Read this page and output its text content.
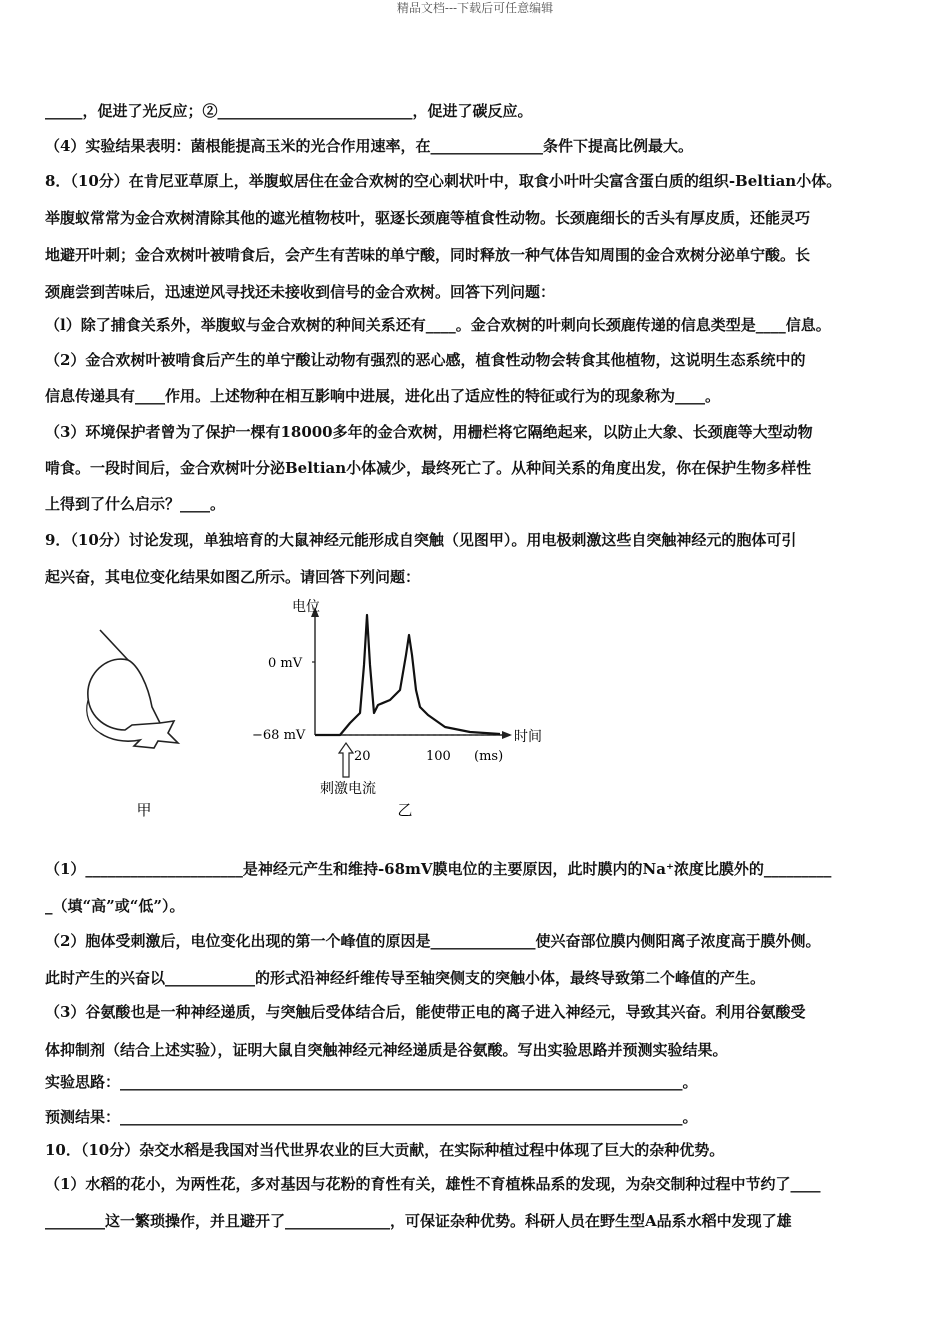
精品文档---下载后可任意编辑
_____，促进了光反应；②__________________________，促进了碳反应。
（4）实验结果表明：菌根能提高玉米的光合作用速率，在_______________条件下提高比例最大。
8．（10分）在肯尼亚草原上，举腹蚁居住在金合欢树的空心刺状叶中，取食小叶叶尖富含蛋白质的组织-Beltian小体。
举腹蚁常常为金合欢树清除其他的遮光植物枝叶，驱逐长颈鹿等植食性动物。长颈鹿细长的舌头有厚皮质，还能灵巧
地避开叶刺；金合欢树叶被啃食后，会产生有苦味的单宁酸，同时释放一种气体告知周围的金合欢树分泌单宁酸。长
颈鹿尝到苦味后，迅速逆风寻找还未接收到信号的金合欢树。回答下列问题：
（l）除了捕食关系外，举腹蚁与金合欢树的种间关系还有____。金合欢树的叶刺向长颈鹿传递的信息类型是____信息。
（2）金合欢树叶被啃食后产生的单宁酸让动物有强烈的恶心感，植食性动物会转食其他植物，这说明生态系统中的
信息传递具有____作用。上述物种在相互影响中进展，进化出了适应性的特征或行为的现象称为____。
（3）环境保护者曾为了保护一棵有18000多年的金合欢树，用栅栏将它隔绝起来，以防止大象、长颈鹿等大型动物
啃食。一段时间后，金合欢树叶分泌Beltian小体减少，最终死亡了。从种间关系的角度出发，你在保护生物多样性
上得到了什么启示？____。
9．（10分）讨论发现，单独培育的大鼠神经元能形成自突触（见图甲）。用电极刺激这些自突触神经元的胞体可引
起兴奋，其电位变化结果如图乙所示。请回答下列问题：
甲
电位
时间
0 mV
−68 mV
20	100 (ms)
刺激电流
乙
（1）_____________________是神经元产生和维持-68mV膜电位的主要原因，此时膜内的Na⁺浓度比膜外的_________
_（填“高”或“低”）。
（2）胞体受刺激后，电位变化出现的第一个峰值的原因是______________使兴奋部位膜内侧阳离子浓度高于膜外侧。
此时产生的兴奋以____________的形式沿神经纤维传导至轴突侧支的突触小体，最终导致第二个峰值的产生。
（3）谷氨酸也是一种神经递质，与突触后受体结合后，能使带正电的离子进入神经元，导致其兴奋。利用谷氨酸受
体抑制剂（结合上述实验），证明大鼠自突触神经元神经递质是谷氨酸。写出实验思路并预测实验结果。
实验思路：___________________________________________________________________________。
预测结果：___________________________________________________________________________。
10．（10分）杂交水稻是我国对当代世界农业的巨大贡献，在实际种植过程中体现了巨大的杂种优势。
（1）水稻的花小，为两性花，多对基因与花粉的育性有关，雄性不育植株品系的发现，为杂交制种过程中节约了____
________这一繁琐操作，并且避开了______________，可保证杂种优势。科研人员在野生型A品系水稻中发现了雄
